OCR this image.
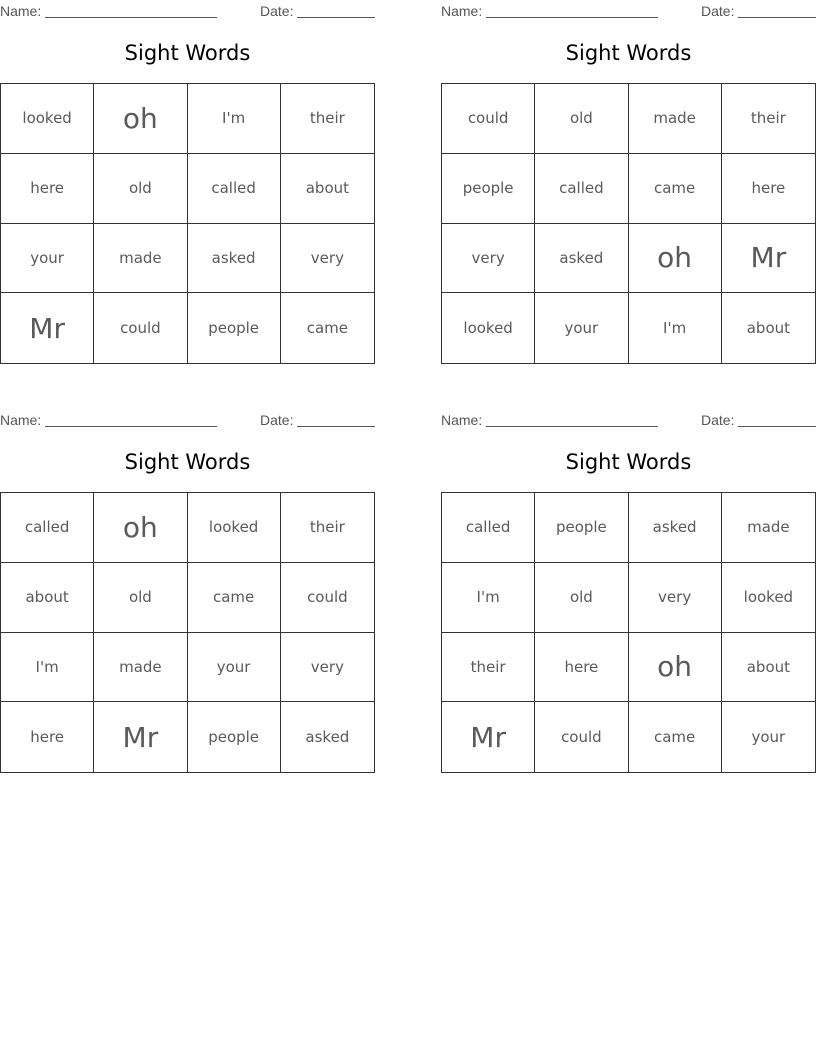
Name:	Date:
Sight Words
looked	oh	I'm	their
here	old	called	about
your	made	asked	very
Mr	could	people	came
Name:	Date:
Sight Words
could	old	made	their
people	called	came	here
very	asked	oh	Mr
looked	your	I'm	about
Name:	Date:
Sight Words
called	oh	looked	their
about	old	came	could
I'm	made	your	very
here	Mr	people	asked
Name:	Date:
Sight Words
called	people	asked	made
I'm	old	very	looked
their	here	oh	about
Mr	could	came	your
